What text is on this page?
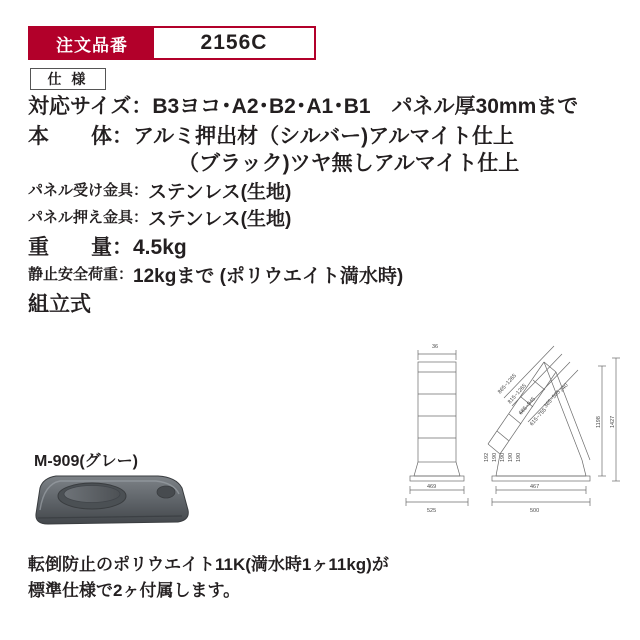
注文品番	2156C
仕 様
対応サイズ：B3ヨコ･A2･B2･A1･B1　パネル厚30mmまで
本　　体：アルミ押出材（シルバー)アルマイト仕上
（ブラック)ツヤ無しアルマイト仕上
パネル受け金具：ステンレス(生地)
パネル押え金具：ステンレス(生地)
重　　量：4.5kg
静止安全荷重：12kgまで (ポリウエイト満水時)
組立式
36
469
525
467
500
1198 1427
865~1265
815~1265
685~945
615~755
365~505
240
192 190 190 190 190
M-909(グレー)
転倒防止のポリウエイト11K(満水時1ヶ11kg)が
標準仕様で2ヶ付属します。
